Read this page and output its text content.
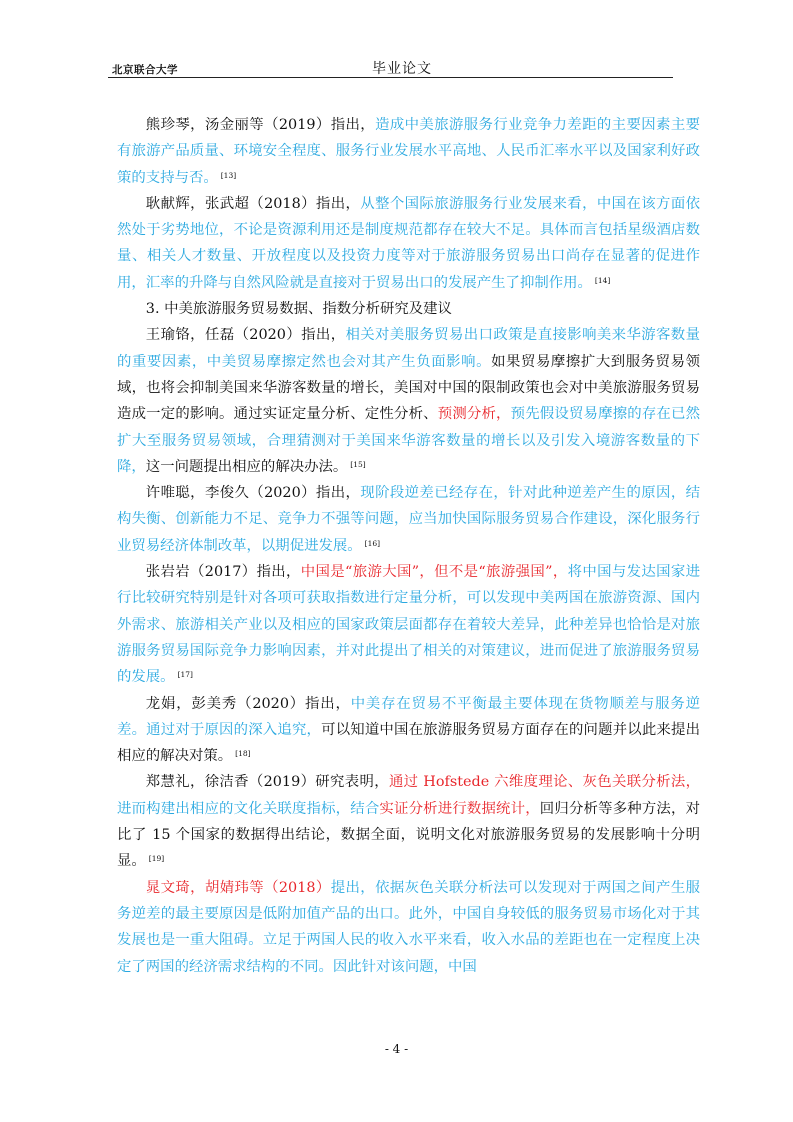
北京联合大学	毕业论文

熊珍琴，汤金丽等（2019）指出，造成中美旅游服务行业竞争力差距的主要因素主要有旅游产品质量、环境安全程度、服务行业发展水平高地、人民币汇率水平以及国家利好政策的支持与否。 [13]

耿献辉，张武超（2018）指出，从整个国际旅游服务行业发展来看，中国在该方面依然处于劣势地位，不论是资源利用还是制度规范都存在较大不足。具体而言包括星级酒店数量、相关人才数量、开放程度以及投资力度等对于旅游服务贸易出口尚存在显著的促进作用，汇率的升降与自然风险就是直接对于贸易出口的发展产生了抑制作用。 [14]

3. 中美旅游服务贸易数据、指数分析研究及建议

王瑜铬，任磊（2020）指出，相关对美服务贸易出口政策是直接影响美来华游客数量的重要因素，中美贸易摩擦定然也会对其产生负面影响。如果贸易摩擦扩大到服务贸易领域，也将会抑制美国来华游客数量的增长，美国对中国的限制政策也会对中美旅游服务贸易造成一定的影响。通过实证定量分析、定性分析、预测分析，预先假设贸易摩擦的存在已然扩大至服务贸易领域，合理猜测对于美国来华游客数量的增长以及引发入境游客数量的下降，这一问题提出相应的解决办法。 [15]

许唯聪，李俊久（2020）指出，现阶段逆差已经存在，针对此种逆差产生的原因，结构失衡、创新能力不足、竞争力不强等问题，应当加快国际服务贸易合作建设，深化服务行业贸易经济体制改革，以期促进发展。 [16]

张岩岩（2017）指出，中国是“旅游大国”，但不是“旅游强国”，将中国与发达国家进行比较研究特别是针对各项可获取指数进行定量分析，可以发现中美两国在旅游资源、国内外需求、旅游相关产业以及相应的国家政策层面都存在着较大差异，此种差异也恰恰是对旅游服务贸易国际竞争力影响因素，并对此提出了相关的对策建议，进而促进了旅游服务贸易的发展。 [17]

龙娟，彭美秀（2020）指出，中美存在贸易不平衡最主要体现在货物顺差与服务逆差。通过对于原因的深入追究，可以知道中国在旅游服务贸易方面存在的问题并以此来提出相应的解决对策。 [18]

郑慧礼，徐洁香（2019）研究表明，通过 Hofstede 六维度理论、灰色关联分析法，进而构建出相应的文化关联度指标，结合实证分析进行数据统计，回归分析等多种方法，对比了 15 个国家的数据得出结论，数据全面，说明文化对旅游服务贸易的发展影响十分明显。 [19]

晁文琦，胡婧玮等（2018）提出，依据灰色关联分析法可以发现对于两国之间产生服务逆差的最主要原因是低附加值产品的出口。此外，中国自身较低的服务贸易市场化对于其发展也是一重大阻碍。立足于两国人民的收入水平来看，收入水品的差距也在一定程度上决定了两国的经济需求结构的不同。因此针对该问题，中国

- 4 -
